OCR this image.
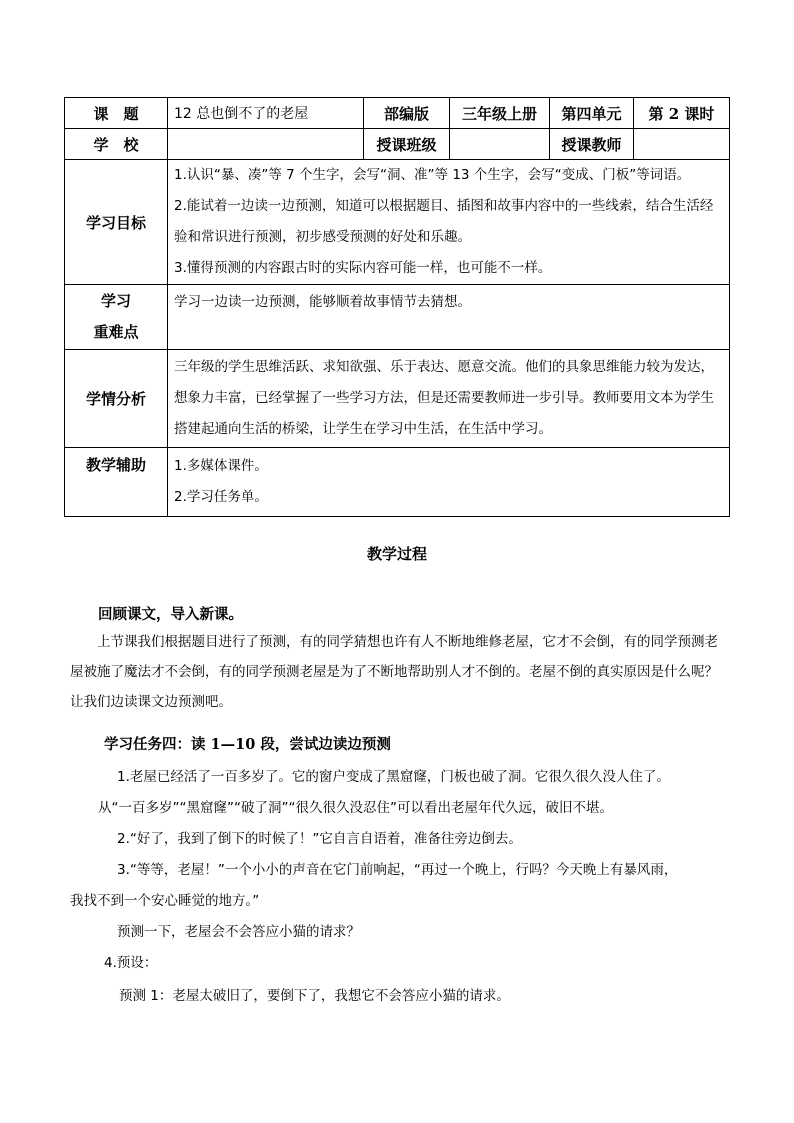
课　题	12 总也倒不了的老屋	部编版	三年级上册	第四单元	第 2 课时
学　校		授课班级		授课教师	
学习目标	1.认识“暴、凑”等 7 个生字，会写“洞、准”等 13 个生字，会写“变成、门板”等词语。

2.能试着一边读一边预测，知道可以根据题目、插图和故事内容中的一些线索，结合生活经验和常识进行预测，初步感受预测的好处和乐趣。

3.懂得预测的内容跟古时的实际内容可能一样，也可能不一样。				

学习
重难点	学习一边读一边预测，能够顺着故事情节去猜想。				

学情分析	三年级的学生思维活跃、求知欲强、乐于表达、愿意交流。他们的具象思维能力较为发达，想象力丰富，已经掌握了一些学习方法，但是还需要教师进一步引导。教师要用文本为学生搭建起通向生活的桥梁，让学生在学习中生活，在生活中学习。				
教学辅助	1.多媒体课件。

2.学习任务单。				

教学过程
回顾课文，导入新课。
上节课我们根据题目进行了预测，有的同学猜想也许有人不断地维修老屋，它才不会倒，有的同学预测老屋被施了魔法才不会倒，有的同学预测老屋是为了不断地帮助别人才不倒的。老屋不倒的真实原因是什么呢？让我们边读课文边预测吧。
学习任务四：读 1—10 段，尝试边读边预测
1.老屋已经活了一百多岁了。它的窗户变成了黑窟窿，门板也破了洞。它很久很久没人住了。
从“一百多岁”“黑窟窿”“破了洞”“很久很久没忍住”可以看出老屋年代久远，破旧不堪。
2.“好了，我到了倒下的时候了！”它自言自语着，准备往旁边倒去。
3.“等等，老屋！”一个小小的声音在它门前响起，“再过一个晚上，行吗？今天晚上有暴风雨，
我找不到一个安心睡觉的地方。”
预测一下，老屋会不会答应小猫的请求？
4.预设：
预测 1：老屋太破旧了，要倒下了，我想它不会答应小猫的请求。
